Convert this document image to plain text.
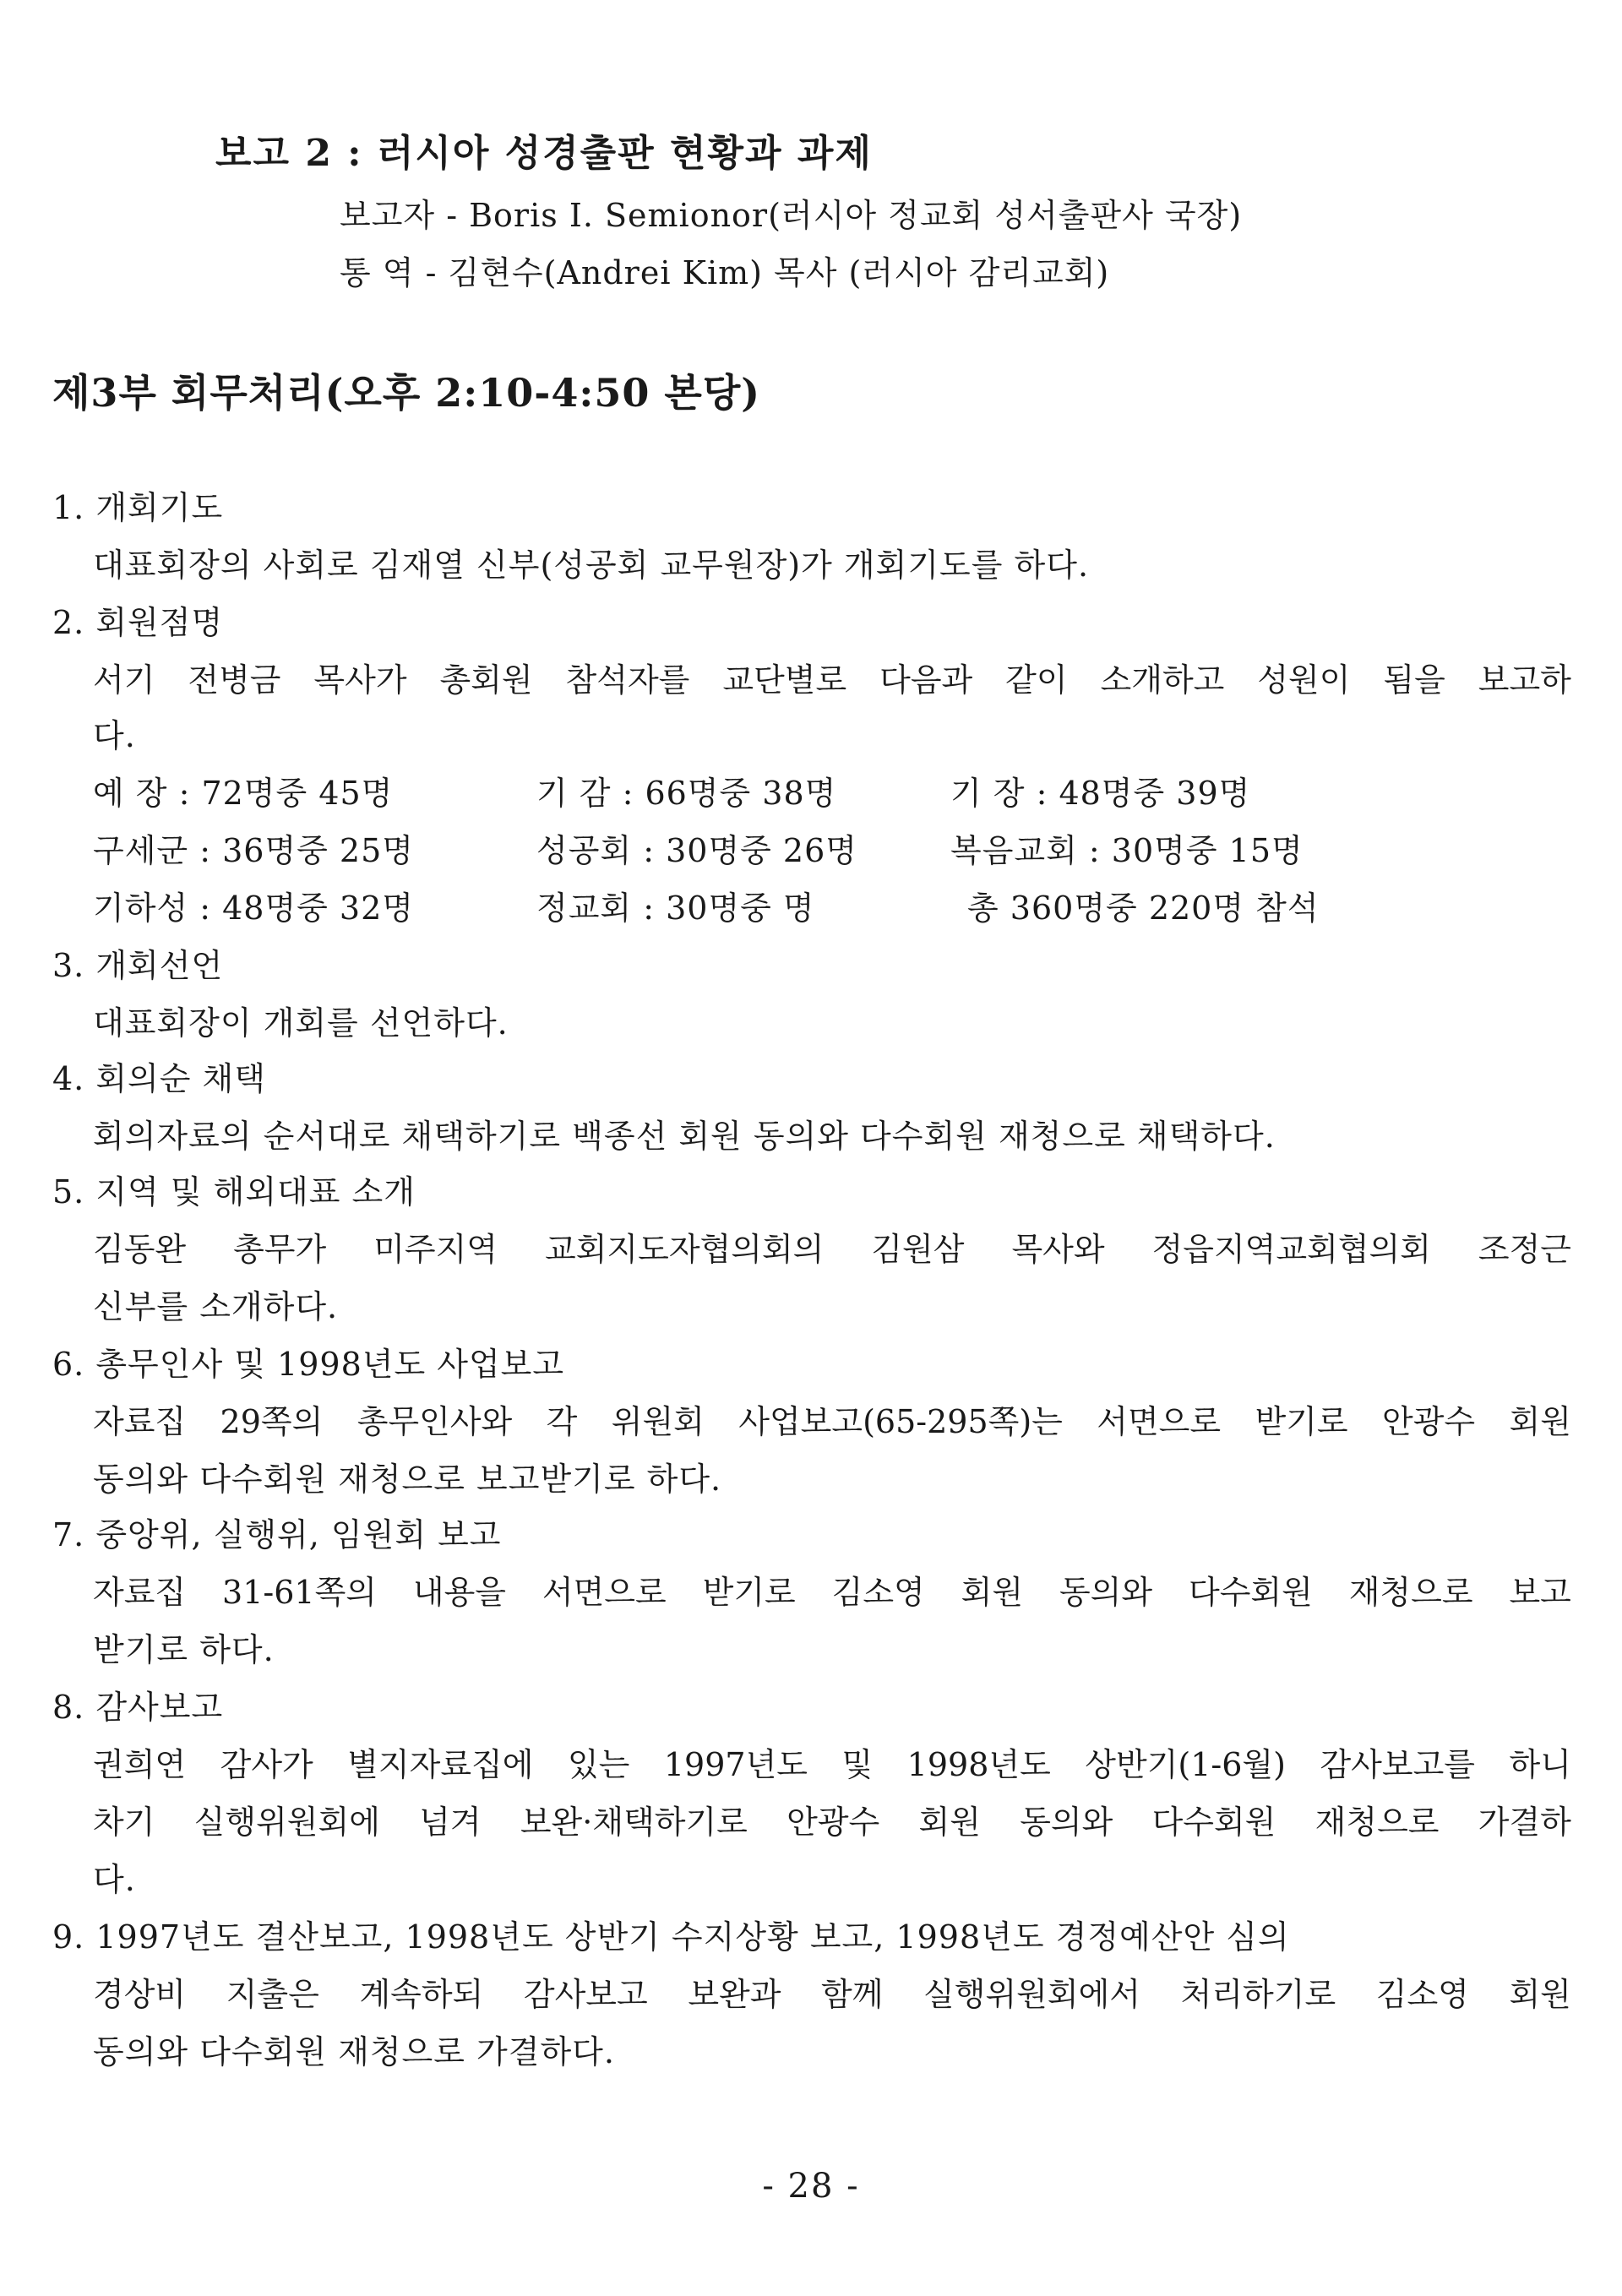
보고 2 : 러시아 성경출판 현황과 과제
보고자 - Boris I. Semionor(러시아 정교회 성서출판사 국장)
통 역 - 김현수(Andrei Kim) 목사 (러시아 감리교회)
제3부 회무처리(오후 2:10-4:50 본당)
1. 개회기도
대표회장의 사회로 김재열 신부(성공회 교무원장)가 개회기도를 하다.
2. 회원점명
서기 전병금 목사가 총회원 참석자를 교단별로 다음과 같이 소개하고 성원이 됨을 보고하
다.
예 장 : 72명중 45명	기 감 : 66명중 38명	기 장 : 48명중 39명
구세군 : 36명중 25명	성공회 : 30명중 26명	복음교회 : 30명중 15명
기하성 : 48명중 32명	정교회 : 30명중 명	총 360명중 220명 참석
3. 개회선언
대표회장이 개회를 선언하다.
4. 회의순 채택
회의자료의 순서대로 채택하기로 백종선 회원 동의와 다수회원 재청으로 채택하다.
5. 지역 및 해외대표 소개
김동완 총무가 미주지역 교회지도자협의회의 김원삼 목사와 정읍지역교회협의회 조정근
신부를 소개하다.
6. 총무인사 및 1998년도 사업보고
자료집 29쪽의 총무인사와 각 위원회 사업보고(65-295쪽)는 서면으로 받기로 안광수 회원
동의와 다수회원 재청으로 보고받기로 하다.
7. 중앙위, 실행위, 임원회 보고
자료집 31-61쪽의 내용을 서면으로 받기로 김소영 회원 동의와 다수회원 재청으로 보고
받기로 하다.
8. 감사보고
권희연 감사가 별지자료집에 있는 1997년도 및 1998년도 상반기(1-6월) 감사보고를 하니
차기 실행위원회에 넘겨 보완·채택하기로 안광수 회원 동의와 다수회원 재청으로 가결하
다.
9. 1997년도 결산보고, 1998년도 상반기 수지상황 보고, 1998년도 경정예산안 심의
경상비 지출은 계속하되 감사보고 보완과 함께 실행위원회에서 처리하기로 김소영 회원
동의와 다수회원 재청으로 가결하다.
- 28 -
